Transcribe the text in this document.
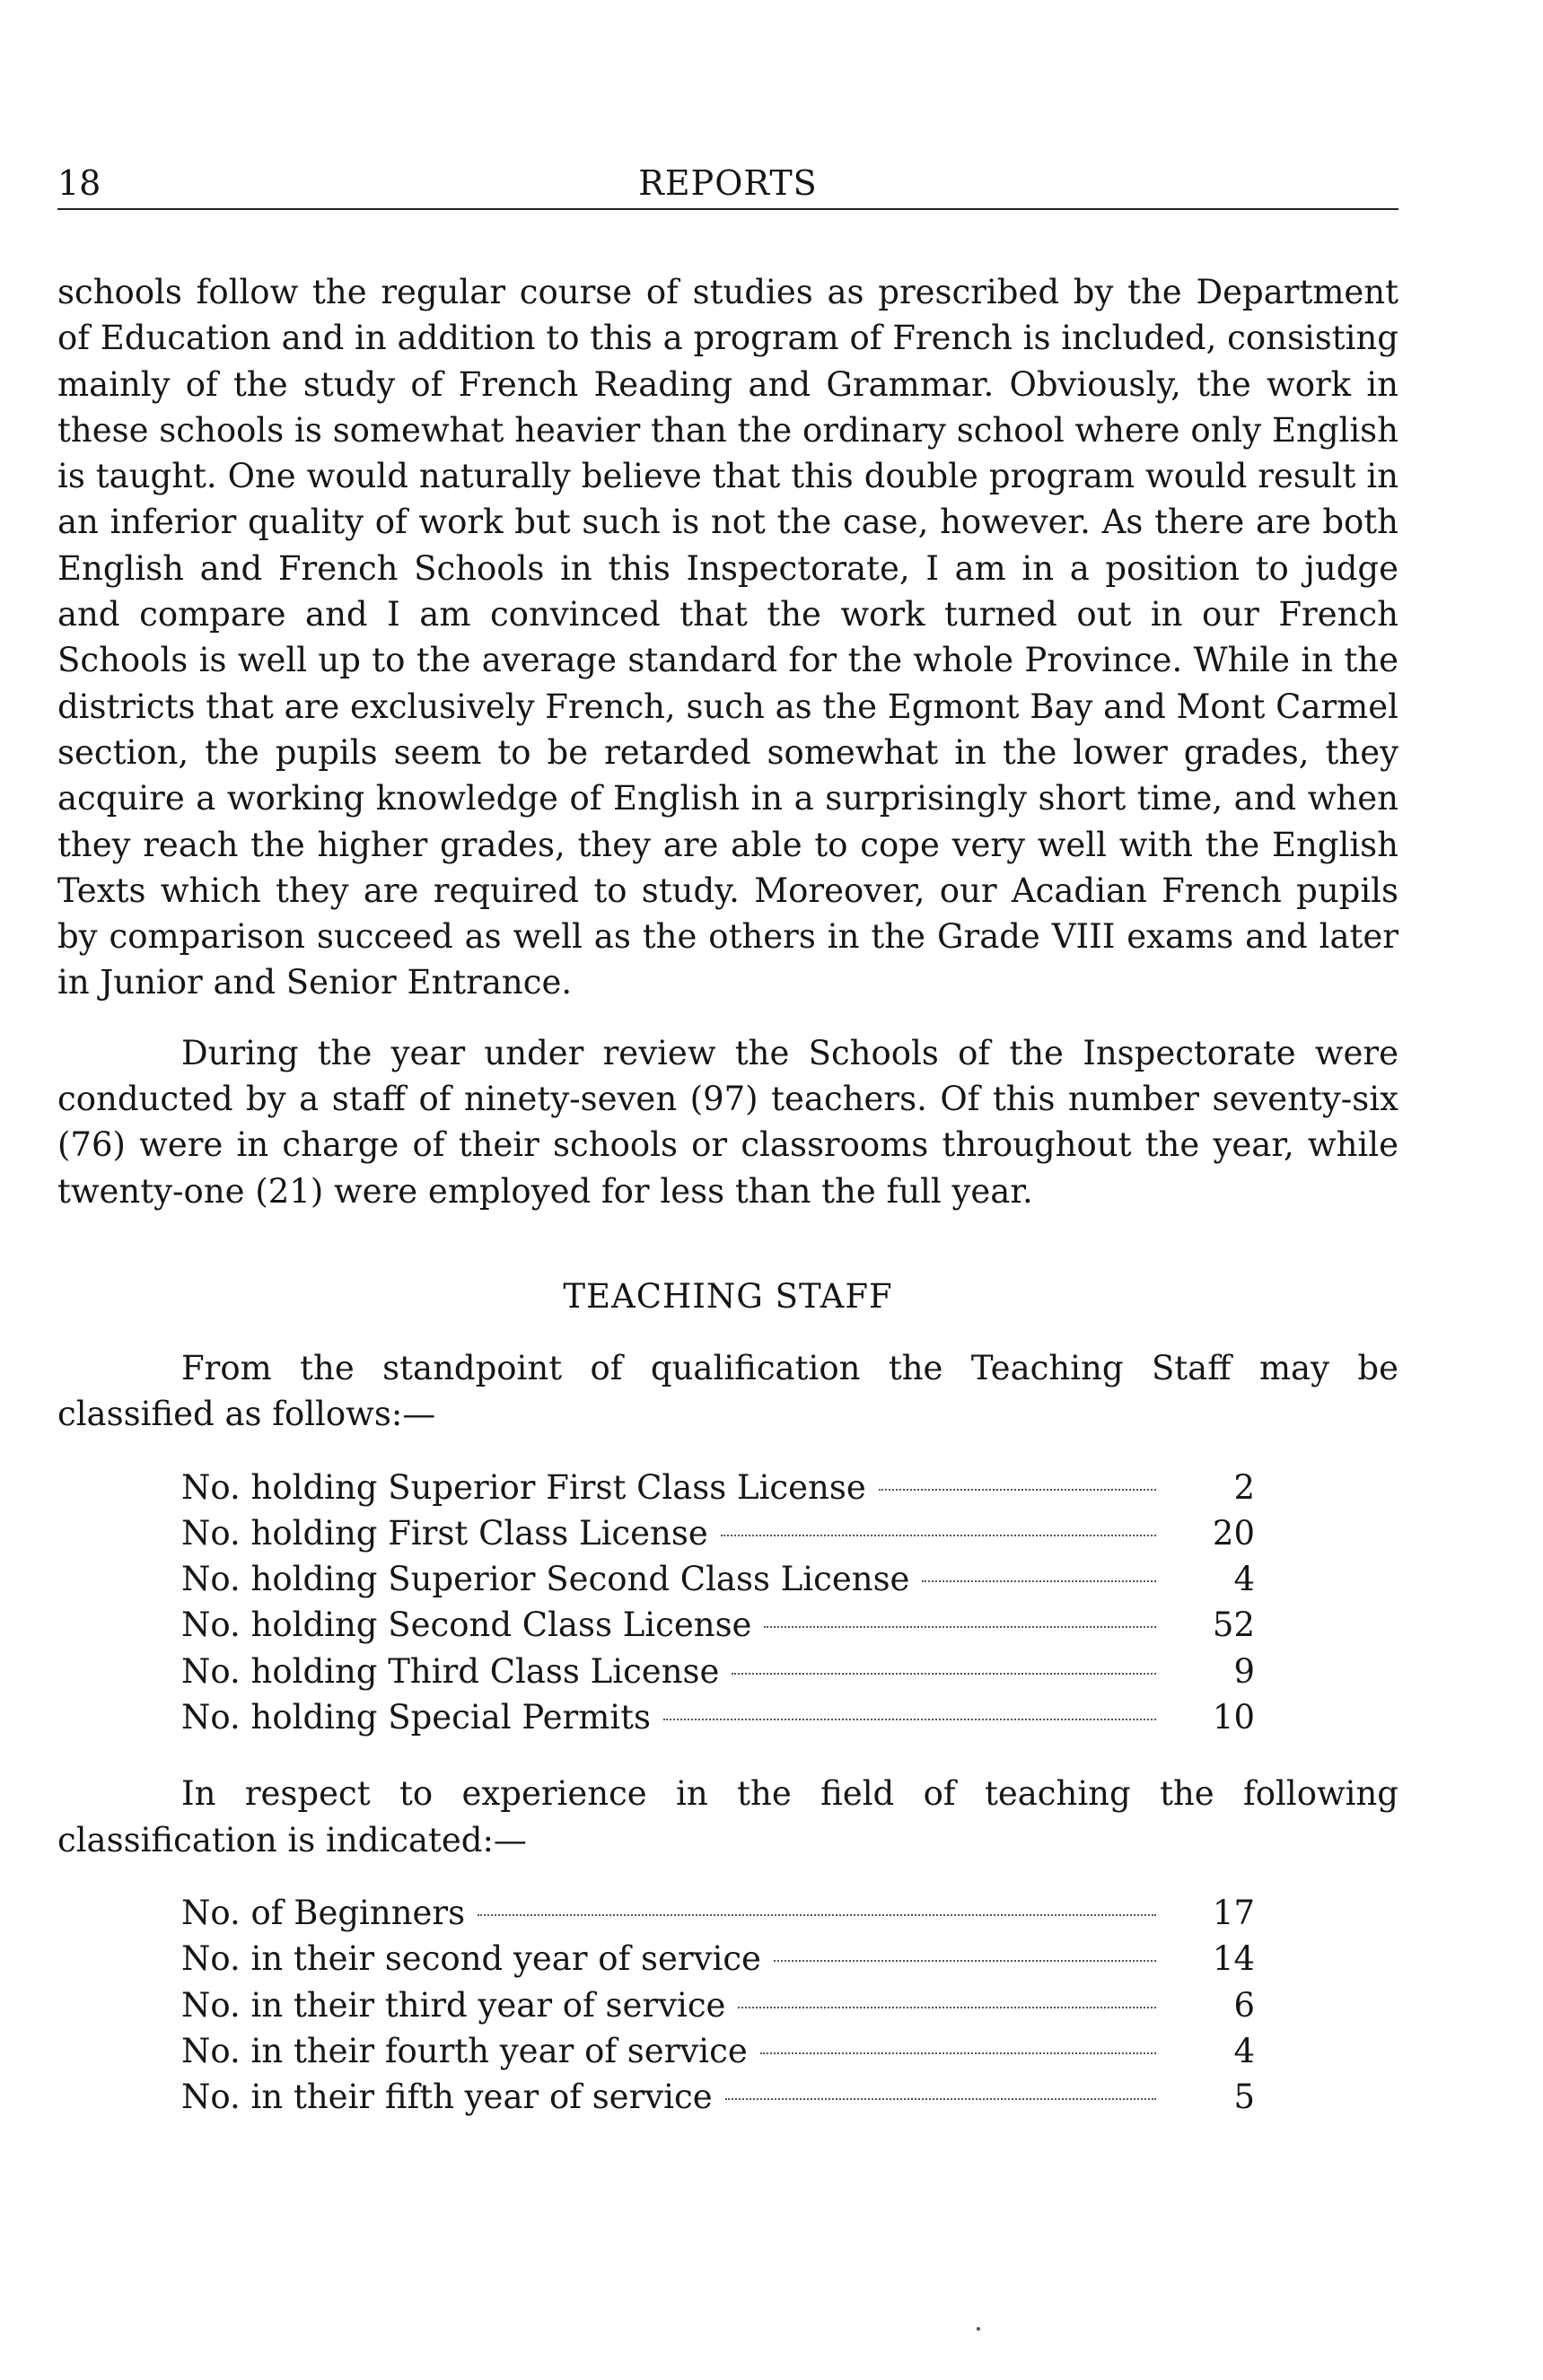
18	REPORTS

schools follow the regular course of studies as prescribed by the Department of Education and in addition to this a program of French is included, consisting mainly of the study of French Reading and Grammar. Obviously, the work in these schools is somewhat heavier than the ordinary school where only English is taught. One would naturally believe that this double program would result in an inferior quality of work but such is not the case, however. As there are both English and French Schools in this Inspectorate, I am in a position to judge and compare and I am convinced that the work turned out in our French Schools is well up to the average standard for the whole Province. While in the districts that are exclusively French, such as the Egmont Bay and Mont Carmel section, the pupils seem to be retarded somewhat in the lower grades, they acquire a working knowledge of English in a surprisingly short time, and when they reach the higher grades, they are able to cope very well with the English Texts which they are required to study. Moreover, our Acadian French pupils by comparison succeed as well as the others in the Grade VIII exams and later in Junior and Senior Entrance.

During the year under review the Schools of the Inspectorate were conducted by a staff of ninety-seven (97) teachers. Of this number seventy-six (76) were in charge of their schools or classrooms throughout the year, while twenty-one (21) were employed for less than the full year.

TEACHING STAFF

From the standpoint of qualification the Teaching Staff may be classified as follows:—

No. holding Superior First Class License	2
No. holding First Class License	20
No. holding Superior Second Class License	4
No. holding Second Class License	52
No. holding Third Class License	9
No. holding Special Permits	10

In respect to experience in the field of teaching the following classification is indicated:—

No. of Beginners	17
No. in their second year of service	14
No. in their third year of service	6
No. in their fourth year of service	4
No. in their fifth year of service	5
